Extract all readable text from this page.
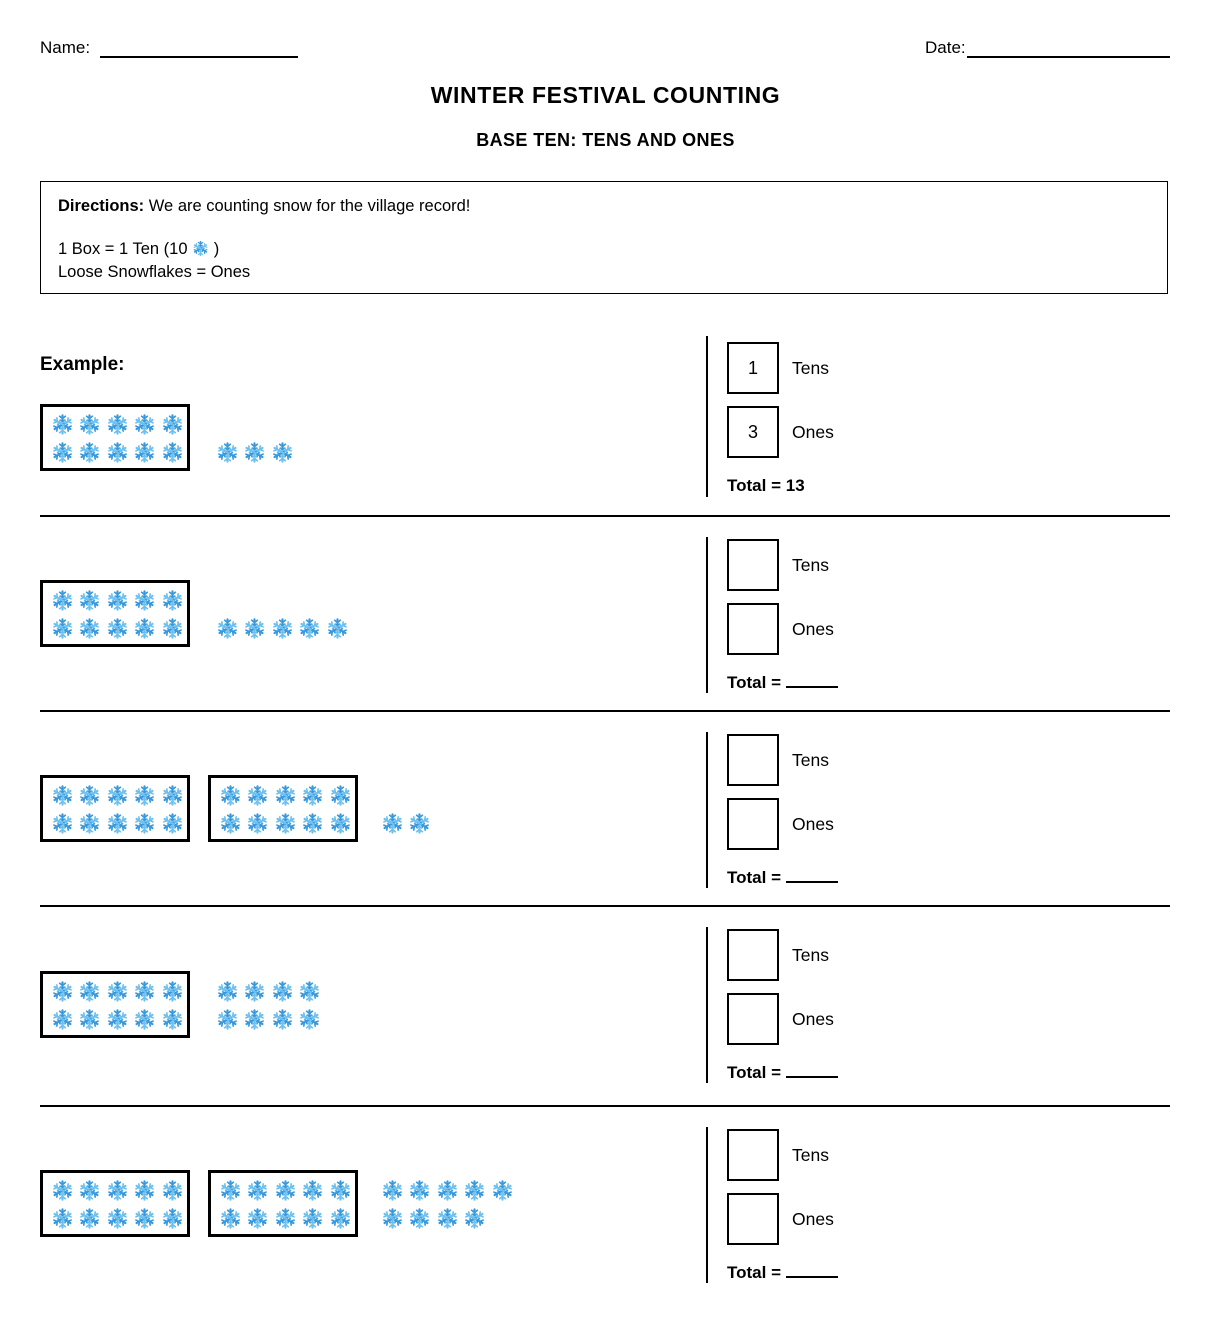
Name:	Date:
WINTER FESTIVAL COUNTING
BASE TEN: TENS AND ONES
Directions: We are counting snow for the village record!
1 Box = 1 Ten (10 )
Loose Snowflakes = Ones
Example:	1 Tens
3 Ones
Total = 13
Tens
Ones
Total =
Tens
Ones
Total =
Tens
Ones
Total =
Tens
Ones
Total =
